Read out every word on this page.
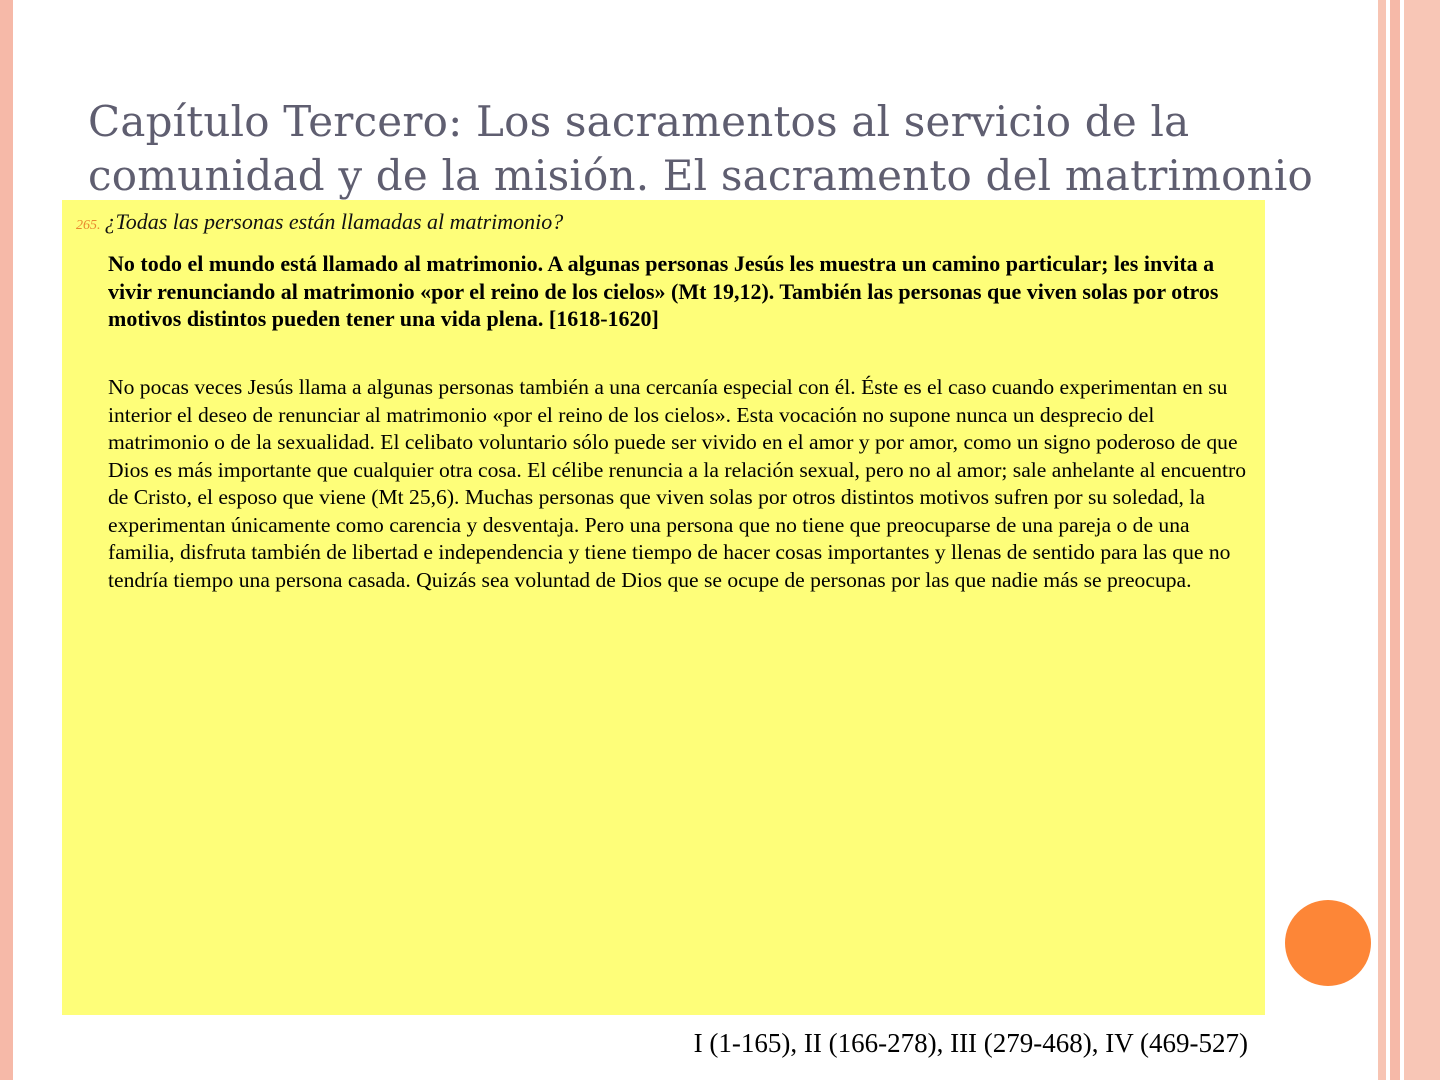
Capítulo Tercero: Los sacramentos al servicio de la comunidad y de la misión. El sacramento del matrimonio
265. ¿Todas las personas están llamadas al matrimonio?

No todo el mundo está llamado al matrimonio. A algunas personas Jesús les muestra un camino particular; les invita a vivir renunciando al matrimonio «por el reino de los cielos» (Mt 19,12). También las personas que viven solas por otros motivos distintos pueden tener una vida plena. [1618-1620]

No pocas veces Jesús llama a algunas personas también a una cercanía especial con él. Éste es el caso cuando experimentan en su interior el deseo de renunciar al matrimonio «por el reino de los cielos». Esta vocación no supone nunca un desprecio del matrimonio o de la sexualidad. El celibato voluntario sólo puede ser vivido en el amor y por amor, como un signo poderoso de que Dios es más importante que cualquier otra cosa. El célibe renuncia a la relación sexual, pero no al amor; sale anhelante al encuentro de Cristo, el esposo que viene (Mt 25,6). Muchas personas que viven solas por otros distintos motivos sufren por su soledad, la experimentan únicamente como carencia y desventaja. Pero una persona que no tiene que preocuparse de una pareja o de una familia, disfruta también de libertad e independencia y tiene tiempo de hacer cosas importantes y llenas de sentido para las que no tendría tiempo una persona casada. Quizás sea voluntad de Dios que se ocupe de personas por las que nadie más se preocupa.

I (1-165), II (166-278), III (279-468), IV (469-527)
